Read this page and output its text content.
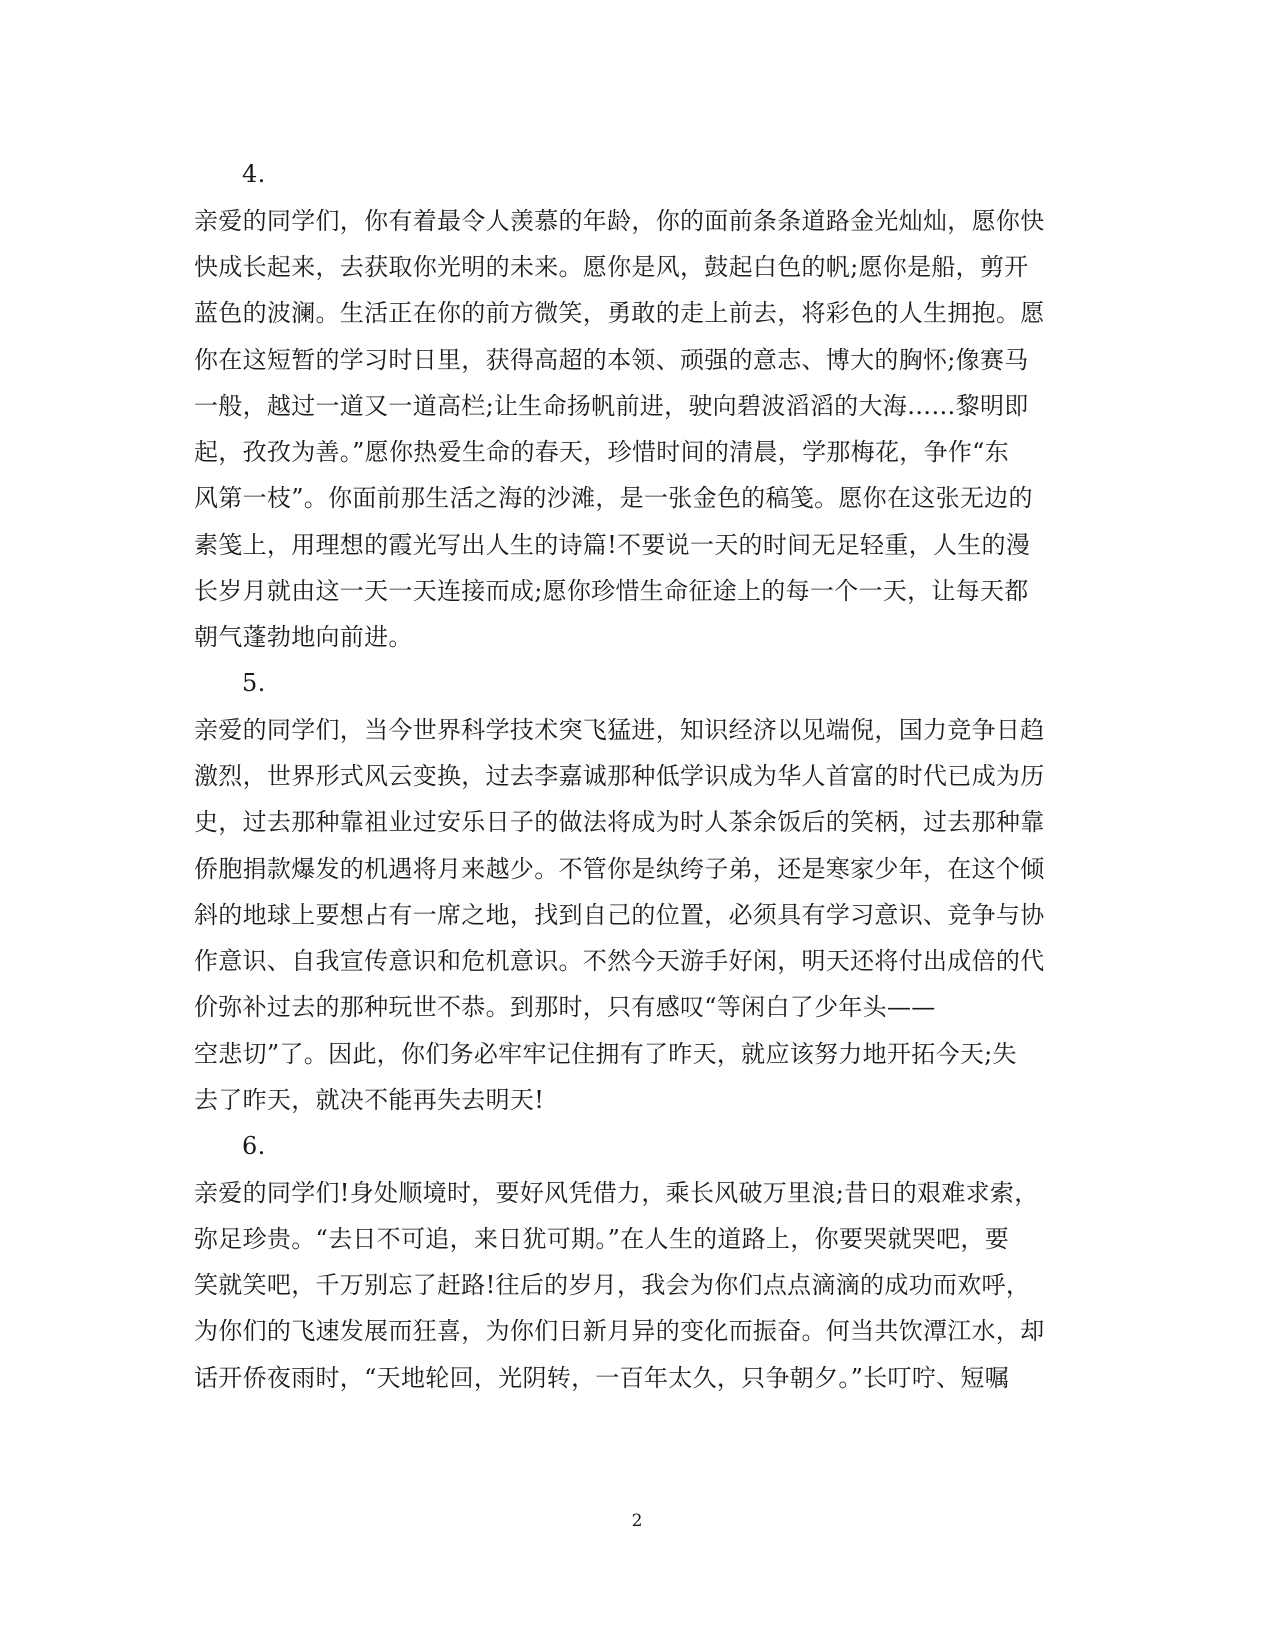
4.
亲爱的同学们，你有着最令人羡慕的年龄，你的面前条条道路金光灿灿，愿你快
快成长起来，去获取你光明的未来。愿你是风，鼓起白色的帆;愿你是船，剪开
蓝色的波澜。生活正在你的前方微笑，勇敢的走上前去，将彩色的人生拥抱。愿
你在这短暂的学习时日里，获得高超的本领、顽强的意志、博大的胸怀;像赛马
一般，越过一道又一道高栏;让生命扬帆前进，驶向碧波滔滔的大海……黎明即
起，孜孜为善。”愿你热爱生命的春天，珍惜时间的清晨，学那梅花，争作“东
风第一枝”。你面前那生活之海的沙滩，是一张金色的稿笺。愿你在这张无边的
素笺上，用理想的霞光写出人生的诗篇!不要说一天的时间无足轻重，人生的漫
长岁月就由这一天一天连接而成;愿你珍惜生命征途上的每一个一天，让每天都
朝气蓬勃地向前进。
5.
亲爱的同学们，当今世界科学技术突飞猛进，知识经济以见端倪，国力竞争日趋
激烈，世界形式风云变换，过去李嘉诚那种低学识成为华人首富的时代已成为历
史，过去那种靠祖业过安乐日子的做法将成为时人茶余饭后的笑柄，过去那种靠
侨胞捐款爆发的机遇将月来越少。不管你是纨绔子弟，还是寒家少年，在这个倾
斜的地球上要想占有一席之地，找到自己的位置，必须具有学习意识、竞争与协
作意识、自我宣传意识和危机意识。不然今天游手好闲，明天还将付出成倍的代
价弥补过去的那种玩世不恭。到那时，只有感叹“等闲白了少年头——
空悲切”了。因此，你们务必牢牢记住拥有了昨天，就应该努力地开拓今天;失
去了昨天，就决不能再失去明天!
6.
亲爱的同学们!身处顺境时，要好风凭借力，乘长风破万里浪;昔日的艰难求索，
弥足珍贵。“去日不可追，来日犹可期。”在人生的道路上，你要哭就哭吧，要
笑就笑吧，千万别忘了赶路!往后的岁月，我会为你们点点滴滴的成功而欢呼，
为你们的飞速发展而狂喜，为你们日新月异的变化而振奋。何当共饮潭江水，却
话开侨夜雨时，“天地轮回，光阴转，一百年太久，只争朝夕。”长叮咛、短嘱
2
